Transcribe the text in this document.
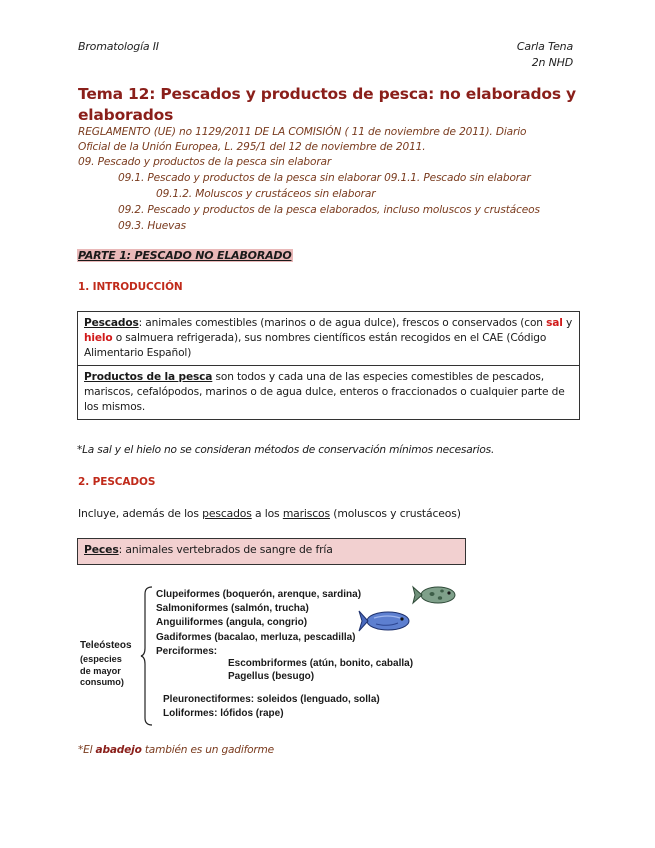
Bromatología II	Carla Tena
2n NHD
Tema 12: Pescados y productos de pesca: no elaborados y
elaborados
REGLAMENTO (UE) no 1129/2011 DE LA COMISIÓN ( 11 de noviembre de 2011). Diario
Oficial de la Unión Europea, L. 295/1 del 12 de noviembre de 2011.
09. Pescado y productos de la pesca sin elaborar
09.1. Pescado y productos de la pesca sin elaborar 09.1.1. Pescado sin elaborar
09.1.2. Moluscos y crustáceos sin elaborar
09.2. Pescado y productos de la pesca elaborados, incluso moluscos y crustáceos
09.3. Huevas
PARTE 1: PESCADO NO ELABORADO
1. INTRODUCCIÓN
Pescados: animales comestibles (marinos o de agua dulce), frescos o conservados (con sal y hielo o salmuera refrigerada), sus nombres científicos están recogidos en el CAE (Código Alimentario Español)
Productos de la pesca son todos y cada una de las especies comestibles de pescados, mariscos, cefalópodos, marinos o de agua dulce, enteros o fraccionados o cualquier parte de los mismos.
*La sal y el hielo no se consideran métodos de conservación mínimos necesarios.
2. PESCADOS
Incluye, además de los pescados a los mariscos (moluscos y crustáceos)
Peces: animales vertebrados de sangre de fría
Teleósteos
(especies
de mayor
consumo)
Clupeiformes (boquerón, arenque, sardina)
Salmoniformes (salmón, trucha)
Anguiliformes (angula, congrio)
Gadiformes (bacalao, merluza, pescadilla)
Perciformes:
Escombriformes (atún, bonito, caballa)
Pagellus (besugo)
Pleuronectiformes: soleidos (lenguado, solla)
Loliformes: lófidos (rape)
*El abadejo también es un gadiforme
